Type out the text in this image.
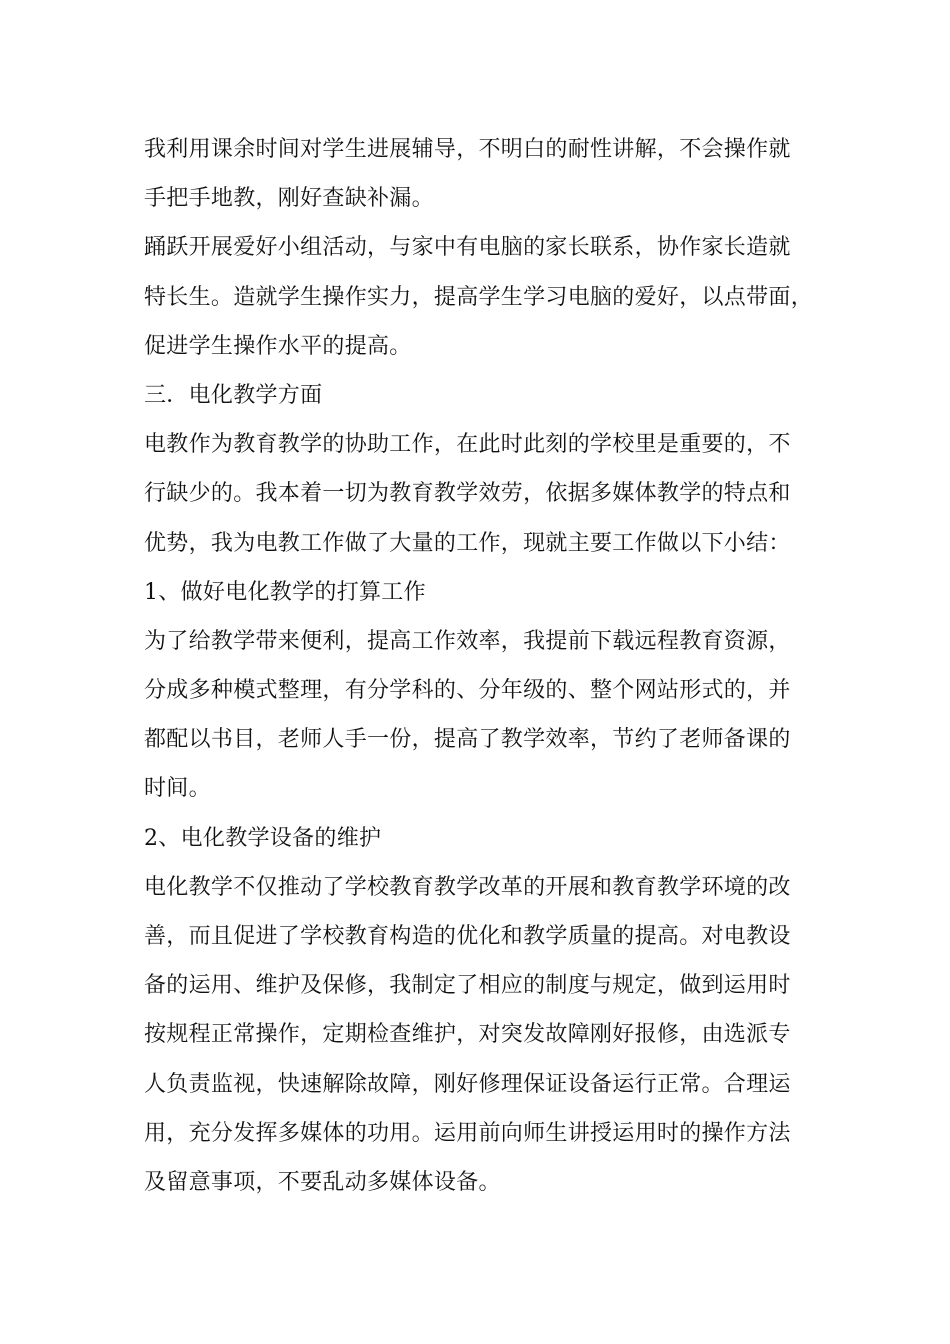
我利用课余时间对学生进展辅导，不明白的耐性讲解，不会操作就
手把手地教，刚好查缺补漏。
踊跃开展爱好小组活动，与家中有电脑的家长联系，协作家长造就
特长生。造就学生操作实力，提高学生学习电脑的爱好，以点带面，
促进学生操作水平的提高。
三．电化教学方面
电教作为教育教学的协助工作，在此时此刻的学校里是重要的，不
行缺少的。我本着一切为教育教学效劳，依据多媒体教学的特点和
优势，我为电教工作做了大量的工作，现就主要工作做以下小结：
1、做好电化教学的打算工作
为了给教学带来便利，提高工作效率，我提前下载远程教育资源，
分成多种模式整理，有分学科的、分年级的、整个网站形式的，并
都配以书目，老师人手一份，提高了教学效率，节约了老师备课的
时间。
2、电化教学设备的维护
电化教学不仅推动了学校教育教学改革的开展和教育教学环境的改
善，而且促进了学校教育构造的优化和教学质量的提高。对电教设
备的运用、维护及保修，我制定了相应的制度与规定，做到运用时
按规程正常操作，定期检查维护，对突发故障刚好报修，由选派专
人负责监视，快速解除故障，刚好修理保证设备运行正常。合理运
用，充分发挥多媒体的功用。运用前向师生讲授运用时的操作方法
及留意事项，不要乱动多媒体设备。
